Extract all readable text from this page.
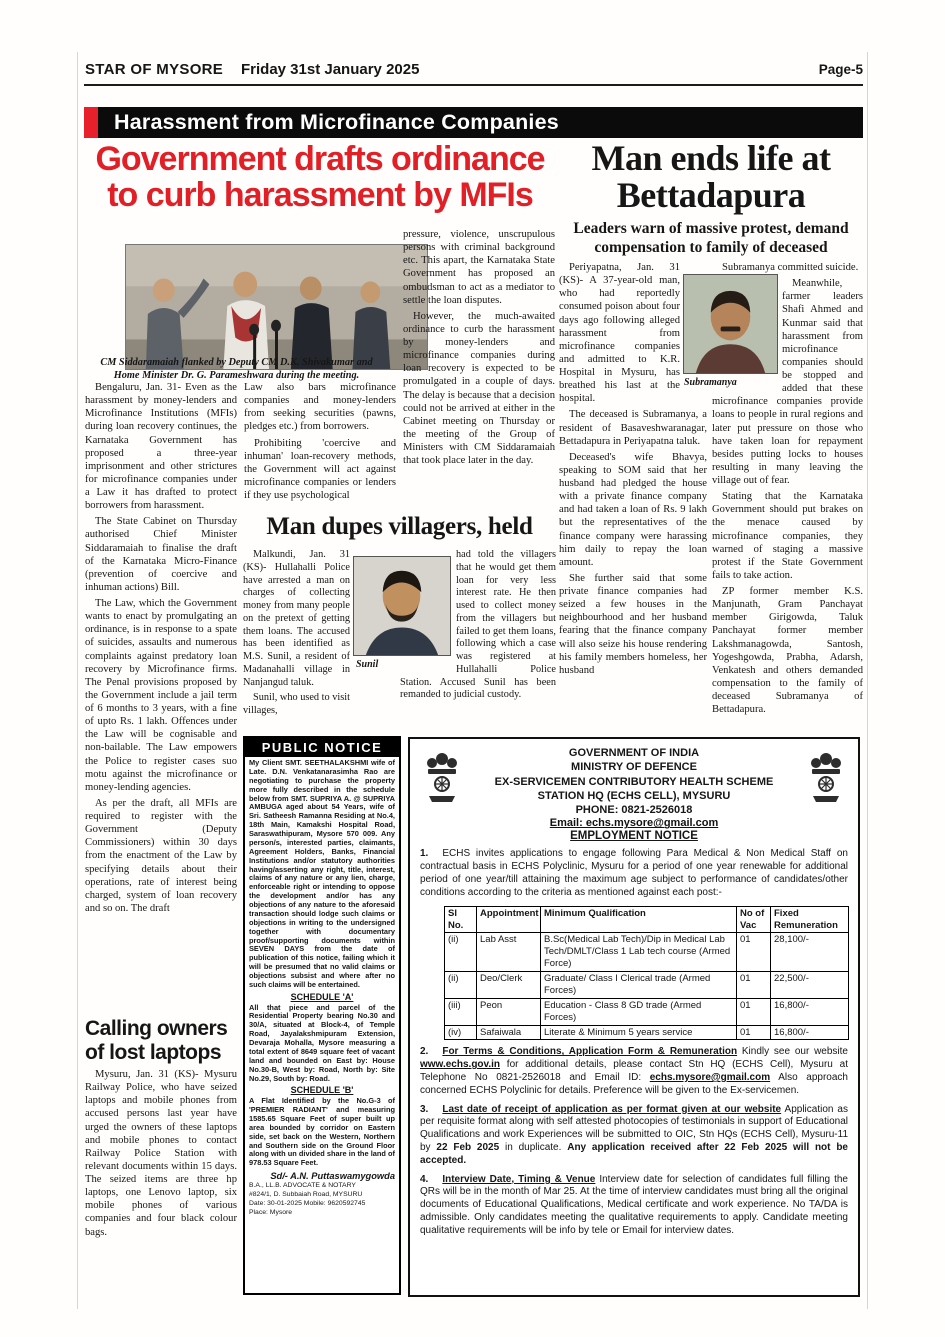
STAR OF MYSORE Friday 31st January 2025	Page-5
Harassment from Microfinance Companies
Government drafts ordinance
to curb harassment by MFIs
CM Siddaramaiah flanked by Deputy CM D.K. Shivakumar and
Home Minister Dr. G. Parameshwara during the meeting.

Bengaluru, Jan. 31- Even as the harassment by money-lenders and Microfinance Institutions (MFIs) during loan recovery continues, the Karnataka Government has proposed a three-year imprisonment and other strictures for microfinance companies under a Law it has drafted to protect borrowers from harassment.

The State Cabinet on Thursday authorised Chief Minister Siddaramaiah to finalise the draft of the Karnataka Micro-Finance (prevention of coercive and inhuman actions) Bill.

The Law, which the Government wants to enact by promulgating an ordinance, is in response to a spate of suicides, assaults and numerous complaints against predatory loan recovery by Microfinance firms. The Penal provisions proposed by the Government include a jail term of 6 months to 3 years, with a fine of upto Rs. 1 lakh. Offences under the Law will be cognisable and non-bailable. The Law empowers the Police to register cases suo motu against the microfinance or money-lending agencies.

As per the draft, all MFIs are required to register with the Government (Deputy Commissioners) within 30 days from the enactment of the Law by specifying details about their operations, rate of interest being charged, system of loan recovery and so on. The draft

Law also bars microfinance companies and money-lenders from seeking securities (pawns, pledges etc.) from borrowers.

Prohibiting 'coercive and inhuman' loan-recovery methods, the Government will act against microfinance companies or lenders if they use psychological

pressure, violence, unscrupulous persons with criminal background etc. This apart, the Karnataka State Government has proposed an ombudsman to act as a mediator to settle the loan disputes.

However, the much-awaited ordinance to curb the harassment by money-lenders and microfinance companies during loan recovery is expected to be promulgated in a couple of days. The delay is because that a decision could not be arrived at either in the Cabinet meeting on Thursday or the meeting of the Group of Ministers with CM Siddaramaiah that took place later in the day.

Man dupes villagers, held

Malkundi, Jan. 31 (KS)- Hullahalli Police have arrested a man on charges of collecting money from many people on the pretext of getting them loans. The accused has been identified as M.S. Sunil, a resident of Madanahalli village in Nanjangud taluk.

Sunil, who used to visit villages,

Sunil

had told the villagers that he would get them loan for very less interest rate. He then used to collect money from the villagers but failed to get them loans, following which a case was registered at Hullahalli Police Station. Accused Sunil has been remanded to judicial custody.

Calling owners
of lost laptops

Mysuru, Jan. 31 (KS)- Mysuru Railway Police, who have seized laptops and mobile phones from accused persons last year have urged the owners of these laptops and mobile phones to contact Railway Police Station with relevant documents within 15 days. The seized items are three hp laptops, one Lenovo laptop, six mobile phones of various companies and four black colour bags.

Man ends life at
Bettadapura
Leaders warn of massive protest, demand
compensation to family of deceased

Periyapatna, Jan. 31 (KS)- A 37-year-old man, who had reportedly consumed poison about four days ago following alleged harassment from microfinance companies and admitted to K.R. Hospital in Mysuru, has breathed his last at the hospital.

The deceased is Subramanya, a resident of Basaveshwaranagar, Bettadapura in Periyapatna taluk.

Deceased's wife Bhavya, speaking to SOM said that her husband had pledged the house with a private finance company and had taken a loan of Rs. 9 lakh but the representatives of the finance company were harassing him daily to repay the loan amount.

She further said that some private finance companies had seized a few houses in the neighbourhood and her husband fearing that the finance company will also seize his house rendering his family members homeless, her husband

Subramanya

Subramanya committed suicide.

Meanwhile, farmer leaders Shafi Ahmed and Kunmar said that harassment from microfinance companies should be stopped and added that these microfinance companies provide loans to people in rural regions and later put pressure on those who have taken loan for repayment besides putting locks to houses resulting in many leaving the village out of fear.

Stating that the Karnataka Government should put brakes on the menace caused by microfinance companies, they warned of staging a massive protest if the State Government fails to take action.

ZP former member K.S. Manjunath, Gram Panchayat member Girigowda, Taluk Panchayat former member Lakshmanagowda, Santosh, Yogeshgowda, Prabha, Adarsh, Venkatesh and others demanded compensation to the family of deceased Subramanya of Bettadapura.

PUBLIC NOTICE

My Client SMT. SEETHALAKSHMI wife of Late. D.N. Venkatanarasimha Rao are negotiating to purchase the property more fully described in the schedule below from SMT. SUPRIYA A. @ SUPRIYA AMBUGA aged about 54 Years, wife of Sri. Satheesh Ramanna Residing at No.4, 18th Main, Kamakshi Hospital Road, Saraswathipuram, Mysore 570 009. Any person/s, interested parties, claimants, Agreement Holders, Banks, Financial Institutions and/or statutory authorities having/asserting any right, title, interest, claims of any nature or any lien, charge, enforceable right or intending to oppose the development and/or has any objections of any nature to the aforesaid transaction should lodge such claims or objections in writing to the undersigned together with documentary proof/supporting documents within SEVEN DAYS from the date of publication of this notice, failing which it will be presumed that no valid claims or objections subsist and where after no such claims will be entertained.

SCHEDULE 'A'

All that piece and parcel of the Residential Property bearing No.30 and 30/A, situated at Block-4, of Temple Road, Jayalakshmipuram Extension, Devaraja Mohalla, Mysore measuring a total extent of 8649 square feet of vacant land and bounded on East by: House No.30-B, West by: Road, North by: Site No.29, South by: Road.

SCHEDULE 'B'

A Flat Identified by the No.G-3 of 'PREMIER RADIANT' and measuring 1585.65 Square Feet of super built up area bounded by corridor on Eastern side, set back on the Western, Northern and Southern side on the Ground Floor along with un divided share in the land of 978.53 Square Feet.

Sd/- A.N. Puttaswamygowda
B.A., LL.B. ADVOCATE & NOTARY
#824/1, D. Subbaiah Road, MYSURU
Date: 30-01-2025 Mobile: 9620592745
Place: Mysore

GOVERNMENT OF INDIA

MINISTRY OF DEFENCE

EX-SERVICEMEN CONTRIBUTORY HEALTH SCHEME

STATION HQ (ECHS CELL), MYSURU

PHONE: 0821-2526018

Email: echs.mysore@gmail.com
EMPLOYMENT NOTICE

1. ECHS invites applications to engage following Para Medical & Non Medical Staff on contractual basis in ECHS Polyclinic, Mysuru for a period of one year renewable for additional period of one year/till attaining the maximum age subject to performance of candidates/other conditions according to the criteria as mentioned against each post:-

Sl No.	Appointment	Minimum Qualification	No of Vac	Fixed Remuneration
(ii)	Lab Asst	B.Sc(Medical Lab Tech)/Dip in Medical Lab Tech/DMLT/Class 1 Lab tech course (Armed Force)	01	28,100/-
(ii)	Deo/Clerk	Graduate/ Class I Clerical trade (Armed Forces)	01	22,500/-
(iii)	Peon	Education - Class 8 GD trade (Armed Forces)	01	16,800/-
(iv)	Safaiwala	Literate & Minimum 5 years service	01	16,800/-

2. For Terms & Conditions, Application Form & Remuneration Kindly see our website www.echs.gov.in for additional details, please contact Stn HQ (ECHS Cell), Mysuru at Telephone No 0821-2526018 and Email ID: echs.mysore@gmail.com Also approach concerned ECHS Polyclinic for details. Preference will be given to the Ex-servicemen.

3. Last date of receipt of application as per format given at our website Application as per requisite format along with self attested photocopies of testimonials in support of Educational Qualifications and work Experiences will be submitted to OIC, Stn HQs (ECHS Cell), Mysuru-11 by 22 Feb 2025 in duplicate. Any application received after 22 Feb 2025 will not be accepted.

4. Interview Date, Timing & Venue Interview date for selection of candidates full filling the QRs will be in the month of Mar 25. At the time of interview candidates must bring all the original documents of Educational Qualifications, Medical certificate and work experience. No TA/DA is admissible. Only candidates meeting the qualitative requirements to apply. Candidate meeting qualitative requirements will be info by tele or Email for interview dates.
